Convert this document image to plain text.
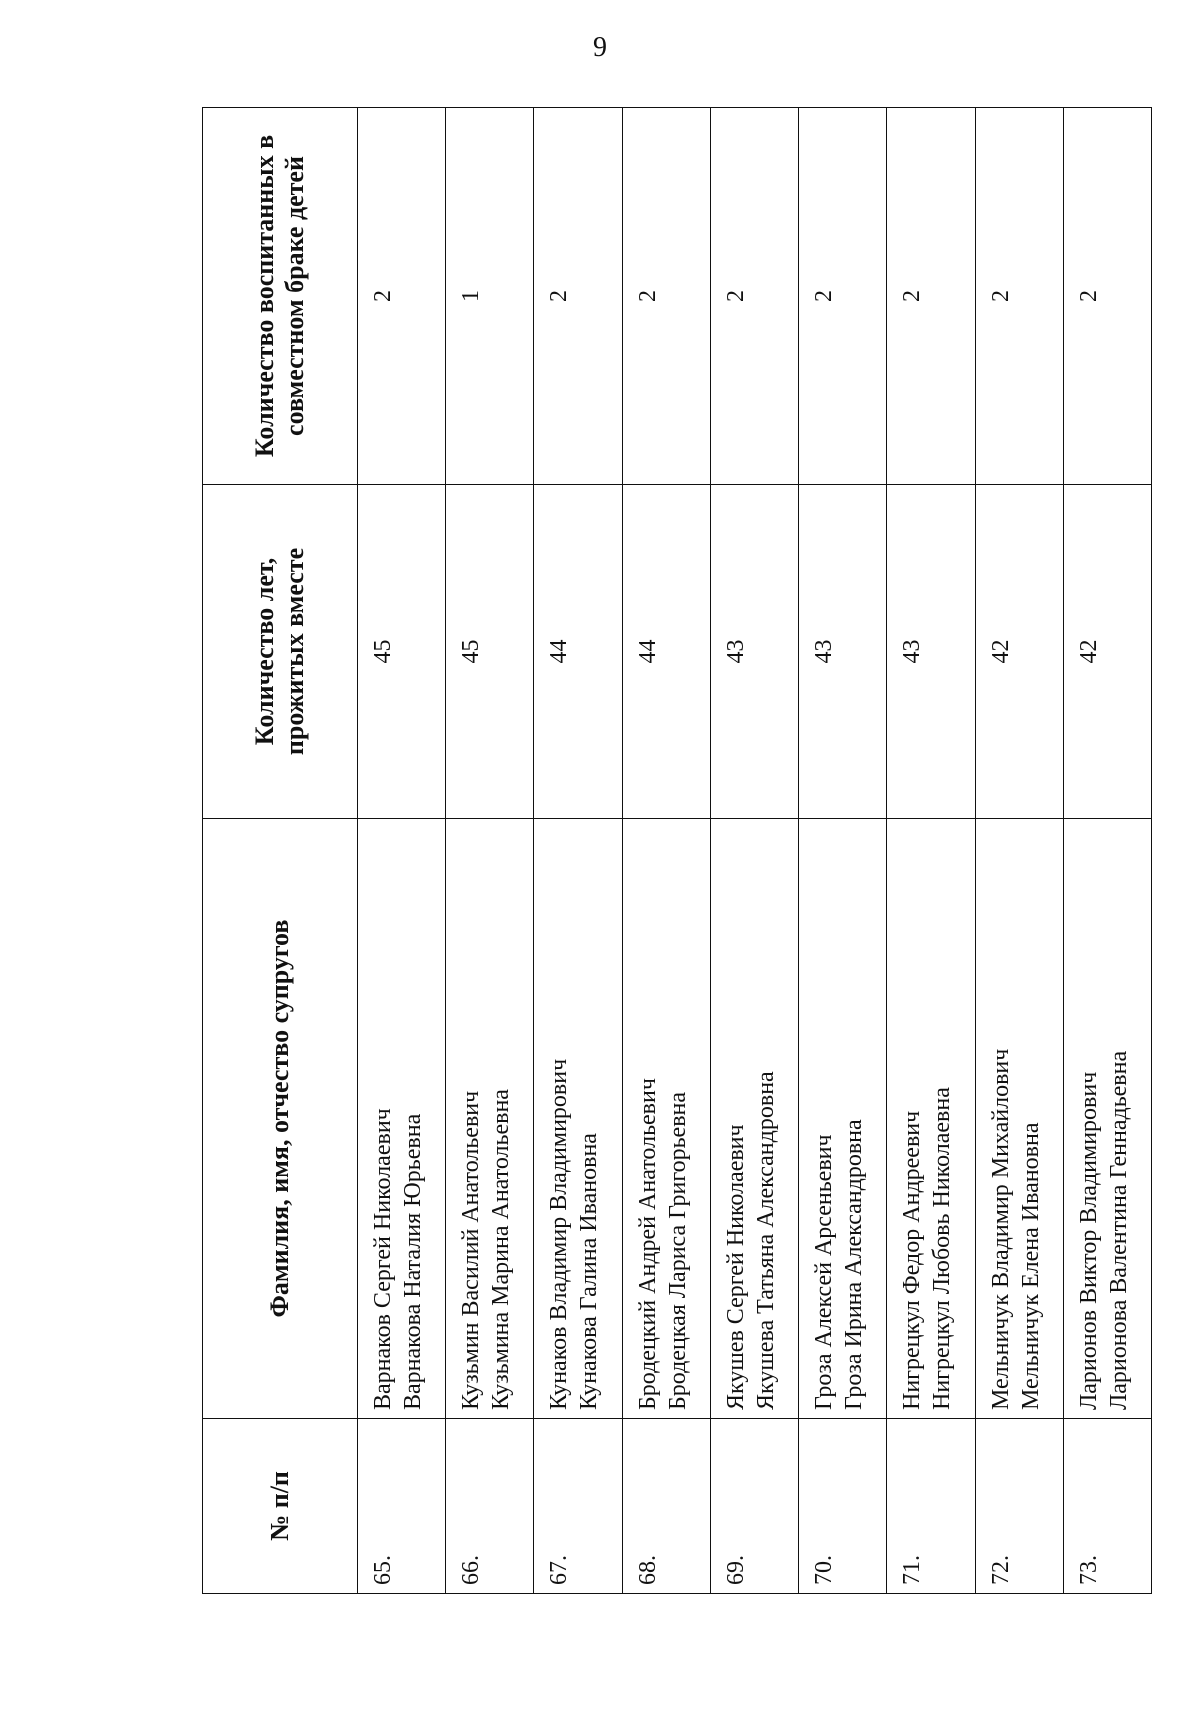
9
№ п/п	Фамилия, имя, отчество супругов	Количество лет, прожитых вместе	Количество воспитанных в совместном браке детей
65.	Варнаков Сергей Николаевич Варнакова Наталия Юрьевна	45	2
66.	Кузьмин Василий Анатольевич Кузьмина Марина Анатольевна	45	1
67.	Кунаков Владимир Владимирович Кунакова Галина Ивановна	44	2
68.	Бродецкий Андрей Анатольевич Бродецкая Лариса Григорьевна	44	2
69.	Якушев Сергей Николаевич Якушева Татьяна Александровна	43	2
70.	Гроза Алексей Арсеньевич Гроза Ирина Александровна	43	2
71.	Нигрецкул Федор Андреевич Нигрецкул Любовь Николаевна	43	2
72.	Мельничук Владимир Михайлович Мельничук Елена Ивановна	42	2
73.	Ларионов Виктор Владимирович Ларионова Валентина Геннадьевна	42	2
